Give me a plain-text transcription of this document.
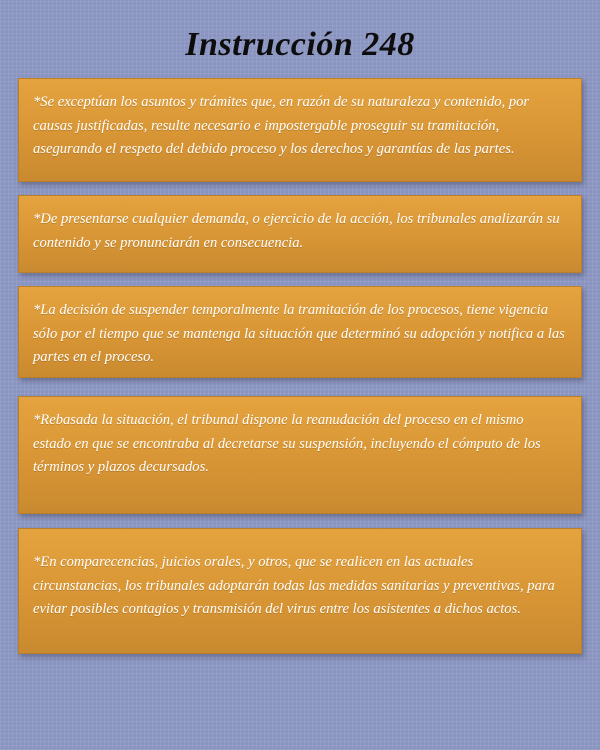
Instrucción 248

*Se exceptúan los asuntos y trámites que, en razón de su naturaleza y contenido, por causas justificadas, resulte necesario e impostergable proseguir su tramitación, asegurando el respeto del debido proceso y los derechos y garantías de las partes.

*De presentarse cualquier demanda, o ejercicio de la acción, los tribunales analizarán su contenido y se pronunciarán en consecuencia.

*La decisión de suspender temporalmente la tramitación de los procesos, tiene vigencia sólo por el tiempo que se mantenga la situación que determinó su adopción y notifica a las partes en el proceso.

*Rebasada la situación, el tribunal dispone la reanudación del proceso en el mismo estado en que se encontraba al decretarse su suspensión, incluyendo el cómputo de los términos y plazos decursados.

*En comparecencias, juicios orales, y otros, que se realicen en las actuales circunstancias, los tribunales adoptarán todas las medidas sanitarias y preventivas, para evitar posibles contagios y transmisión del virus entre los asistentes a dichos actos.
